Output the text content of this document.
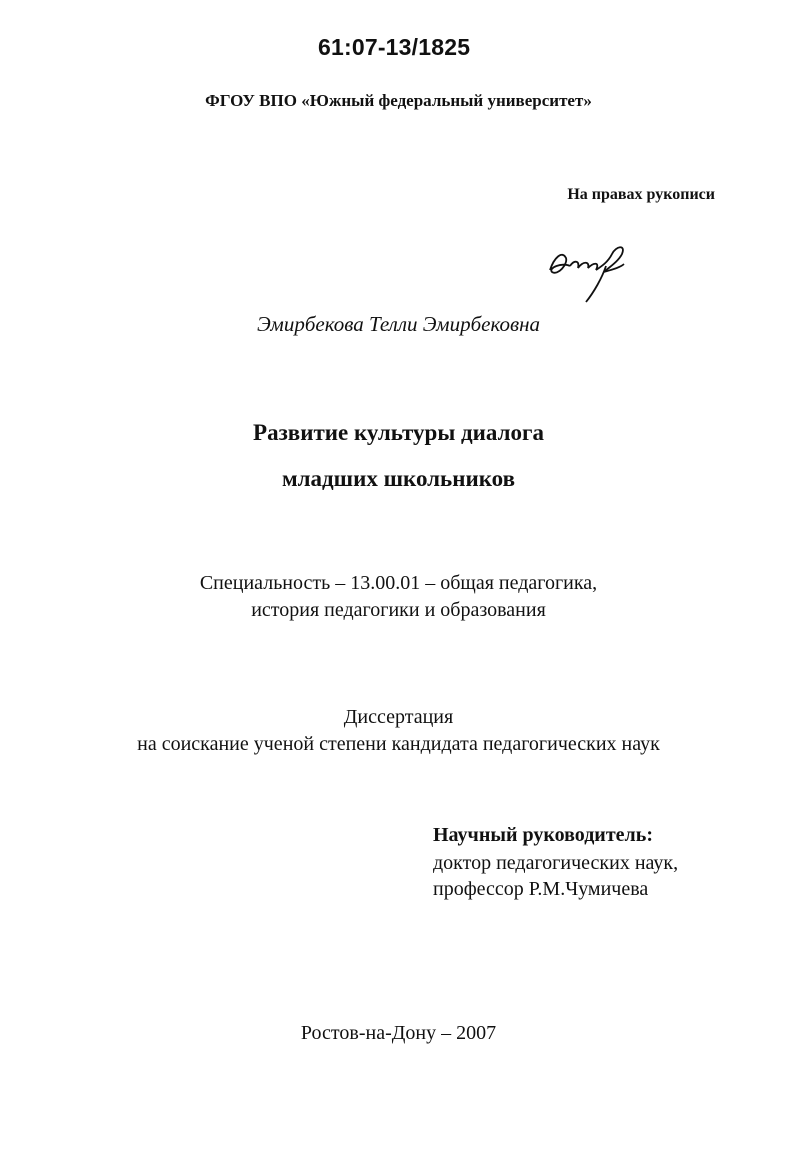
61:07-13/1825
ФГОУ ВПО «Южный федеральный университет»
На правах рукописи
Эмирбекова Телли Эмирбековна
Развитие культуры диалога
младших школьников
Специальность – 13.00.01 – общая педагогика,
история педагогики и образования
Диссертация
на соискание ученой степени кандидата педагогических наук
Научный руководитель:
доктор педагогических наук,
профессор Р.М.Чумичева
Ростов-на-Дону – 2007
